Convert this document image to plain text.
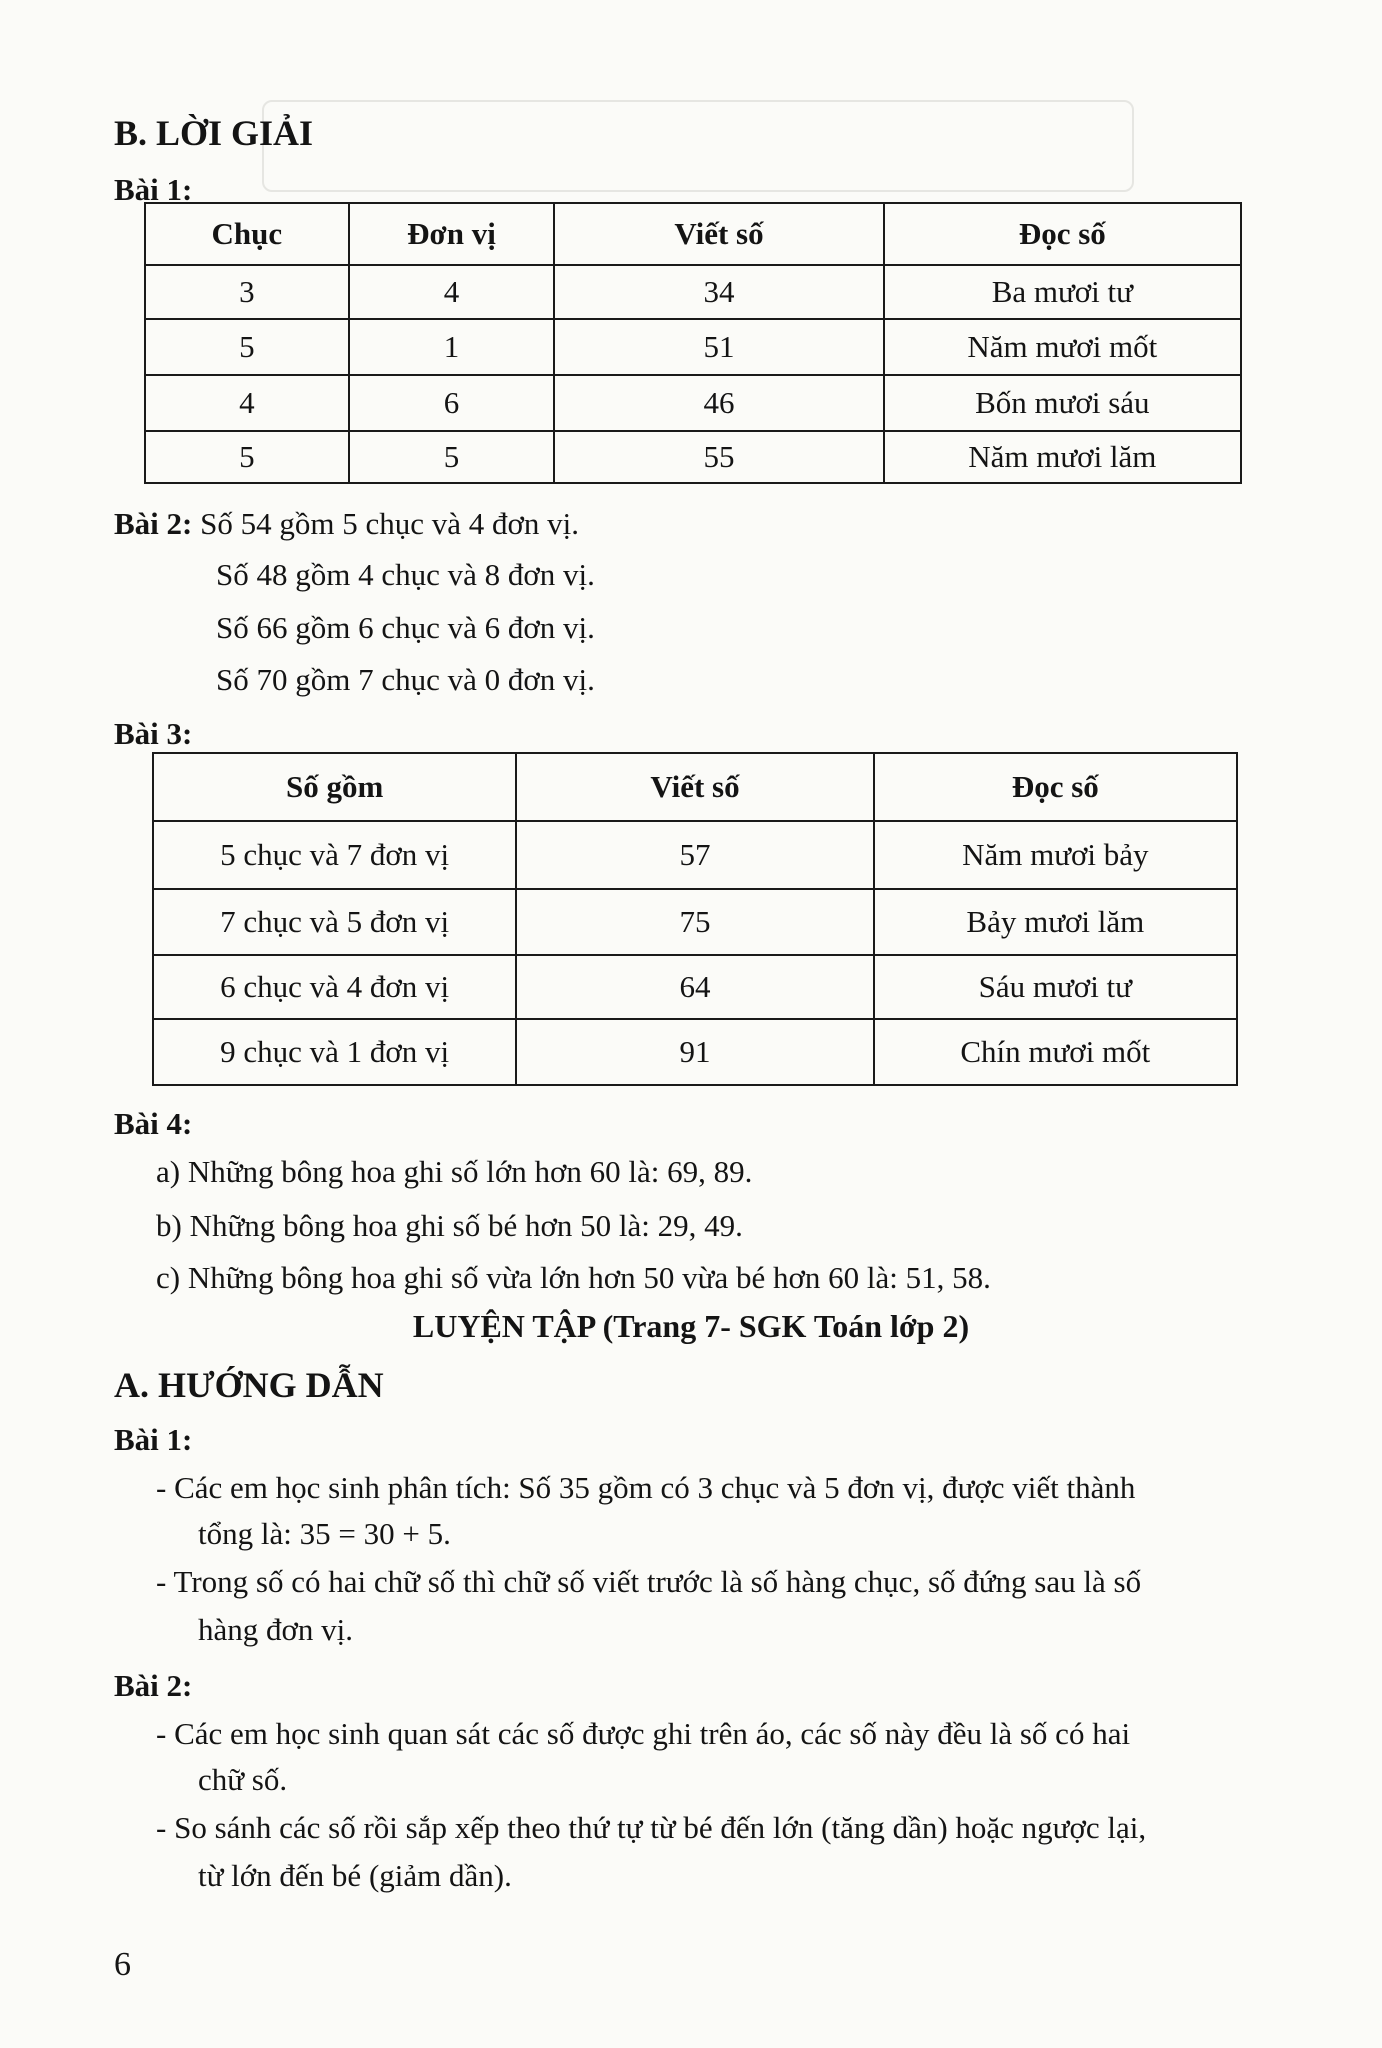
B. LỜI GIẢI
Bài 1:
Chục	Đơn vị	Viết số	Đọc số
3	4	34	Ba mươi tư
5	1	51	Năm mươi mốt
4	6	46	Bốn mươi sáu
5	5	55	Năm mươi lăm
Bài 2: Số 54 gồm 5 chục và 4 đơn vị.
Số 48 gồm 4 chục và 8 đơn vị.
Số 66 gồm 6 chục và 6 đơn vị.
Số 70 gồm 7 chục và 0 đơn vị.
Bài 3:
Số gồm	Viết số	Đọc số
5 chục và 7 đơn vị	57	Năm mươi bảy
7 chục và 5 đơn vị	75	Bảy mươi lăm
6 chục và 4 đơn vị	64	Sáu mươi tư
9 chục và 1 đơn vị	91	Chín mươi mốt
Bài 4:
a) Những bông hoa ghi số lớn hơn 60 là: 69, 89.
b) Những bông hoa ghi số bé hơn 50 là: 29, 49.
c) Những bông hoa ghi số vừa lớn hơn 50 vừa bé hơn 60 là: 51, 58.
LUYỆN TẬP (Trang 7- SGK Toán lớp 2)
A. HƯỚNG DẪN
Bài 1:
- Các em học sinh phân tích: Số 35 gồm có 3 chục và 5 đơn vị, được viết thành
tổng là: 35 = 30 + 5.
- Trong số có hai chữ số thì chữ số viết trước là số hàng chục, số đứng sau là số
hàng đơn vị.
Bài 2:
- Các em học sinh quan sát các số được ghi trên áo, các số này đều là số có hai
chữ số.
- So sánh các số rồi sắp xếp theo thứ tự từ bé đến lớn (tăng dần) hoặc ngược lại,
từ lớn đến bé (giảm dần).
6
